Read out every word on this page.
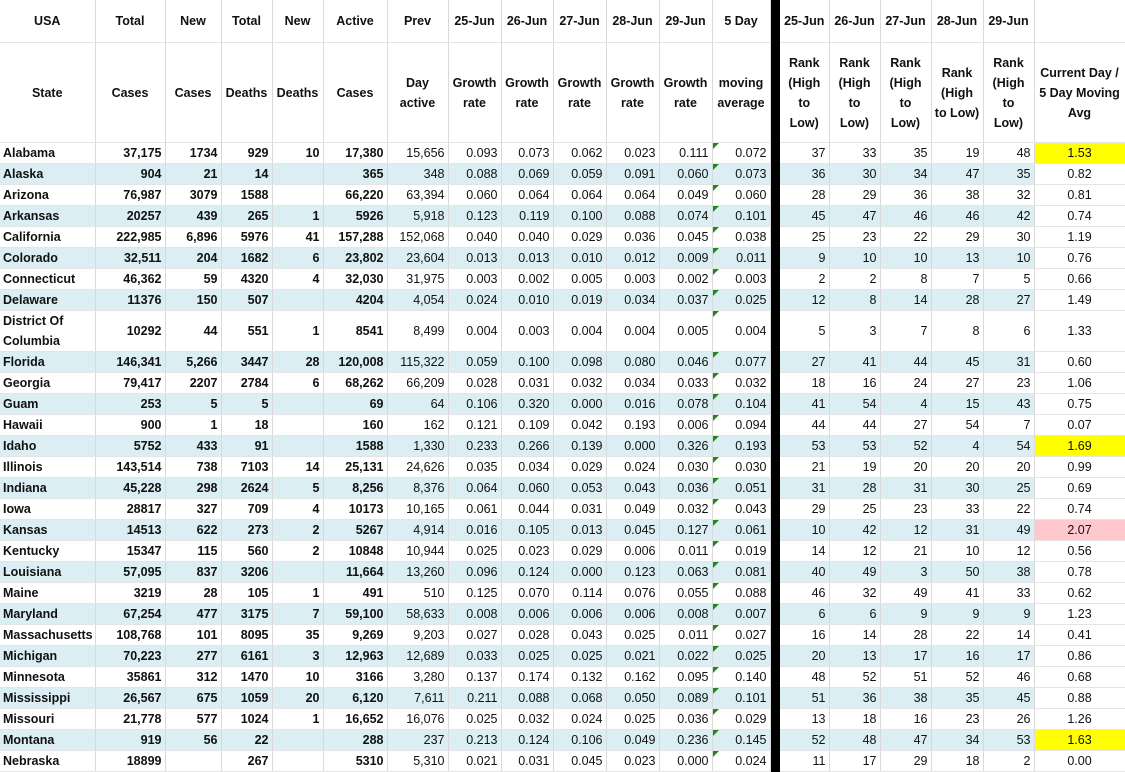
USA	Total	New	Total	New	Active	Prev	25-Jun	26-Jun	27-Jun	28-Jun	29-Jun	5 Day		25-Jun	26-Jun	27-Jun	28-Jun	29-Jun	
State	Cases	Cases	Deaths	Deaths	Cases	Day active	Growth rate	Growth rate	Growth rate	Growth rate	Growth rate	moving average		Rank (High to Low)	Rank (High to Low)	Rank (High to Low)	Rank (High to Low)	Rank (High to Low)	Current Day / 5 Day Moving Avg
Alabama	37,175	1734	929	10	17,380	15,656	0.093	0.073	0.062	0.023	0.111	0.072		37	33	35	19	48	1.53
Alaska	904	21	14		365	348	0.088	0.069	0.059	0.091	0.060	0.073		36	30	34	47	35	0.82
Arizona	76,987	3079	1588		66,220	63,394	0.060	0.064	0.064	0.064	0.049	0.060		28	29	36	38	32	0.81
Arkansas	20257	439	265	1	5926	5,918	0.123	0.119	0.100	0.088	0.074	0.101		45	47	46	46	42	0.74
California	222,985	6,896	5976	41	157,288	152,068	0.040	0.040	0.029	0.036	0.045	0.038		25	23	22	29	30	1.19
Colorado	32,511	204	1682	6	23,802	23,604	0.013	0.013	0.010	0.012	0.009	0.011		9	10	10	13	10	0.76
Connecticut	46,362	59	4320	4	32,030	31,975	0.003	0.002	0.005	0.003	0.002	0.003		2	2	8	7	5	0.66
Delaware	11376	150	507		4204	4,054	0.024	0.010	0.019	0.034	0.037	0.025		12	8	14	28	27	1.49
District Of Columbia	10292	44	551	1	8541	8,499	0.004	0.003	0.004	0.004	0.005	0.004		5	3	7	8	6	1.33
Florida	146,341	5,266	3447	28	120,008	115,322	0.059	0.100	0.098	0.080	0.046	0.077		27	41	44	45	31	0.60
Georgia	79,417	2207	2784	6	68,262	66,209	0.028	0.031	0.032	0.034	0.033	0.032		18	16	24	27	23	1.06
Guam	253	5	5		69	64	0.106	0.320	0.000	0.016	0.078	0.104		41	54	4	15	43	0.75
Hawaii	900	1	18		160	162	0.121	0.109	0.042	0.193	0.006	0.094		44	44	27	54	7	0.07
Idaho	5752	433	91		1588	1,330	0.233	0.266	0.139	0.000	0.326	0.193		53	53	52	4	54	1.69
Illinois	143,514	738	7103	14	25,131	24,626	0.035	0.034	0.029	0.024	0.030	0.030		21	19	20	20	20	0.99
Indiana	45,228	298	2624	5	8,256	8,376	0.064	0.060	0.053	0.043	0.036	0.051		31	28	31	30	25	0.69
Iowa	28817	327	709	4	10173	10,165	0.061	0.044	0.031	0.049	0.032	0.043		29	25	23	33	22	0.74
Kansas	14513	622	273	2	5267	4,914	0.016	0.105	0.013	0.045	0.127	0.061		10	42	12	31	49	2.07
Kentucky	15347	115	560	2	10848	10,944	0.025	0.023	0.029	0.006	0.011	0.019		14	12	21	10	12	0.56
Louisiana	57,095	837	3206		11,664	13,260	0.096	0.124	0.000	0.123	0.063	0.081		40	49	3	50	38	0.78
Maine	3219	28	105	1	491	510	0.125	0.070	0.114	0.076	0.055	0.088		46	32	49	41	33	0.62
Maryland	67,254	477	3175	7	59,100	58,633	0.008	0.006	0.006	0.006	0.008	0.007		6	6	9	9	9	1.23
Massachusetts	108,768	101	8095	35	9,269	9,203	0.027	0.028	0.043	0.025	0.011	0.027		16	14	28	22	14	0.41
Michigan	70,223	277	6161	3	12,963	12,689	0.033	0.025	0.025	0.021	0.022	0.025		20	13	17	16	17	0.86
Minnesota	35861	312	1470	10	3166	3,280	0.137	0.174	0.132	0.162	0.095	0.140		48	52	51	52	46	0.68
Mississippi	26,567	675	1059	20	6,120	7,611	0.211	0.088	0.068	0.050	0.089	0.101		51	36	38	35	45	0.88
Missouri	21,778	577	1024	1	16,652	16,076	0.025	0.032	0.024	0.025	0.036	0.029		13	18	16	23	26	1.26
Montana	919	56	22		288	237	0.213	0.124	0.106	0.049	0.236	0.145		52	48	47	34	53	1.63
Nebraska	18899		267		5310	5,310	0.021	0.031	0.045	0.023	0.000	0.024		11	17	29	18	2	0.00
